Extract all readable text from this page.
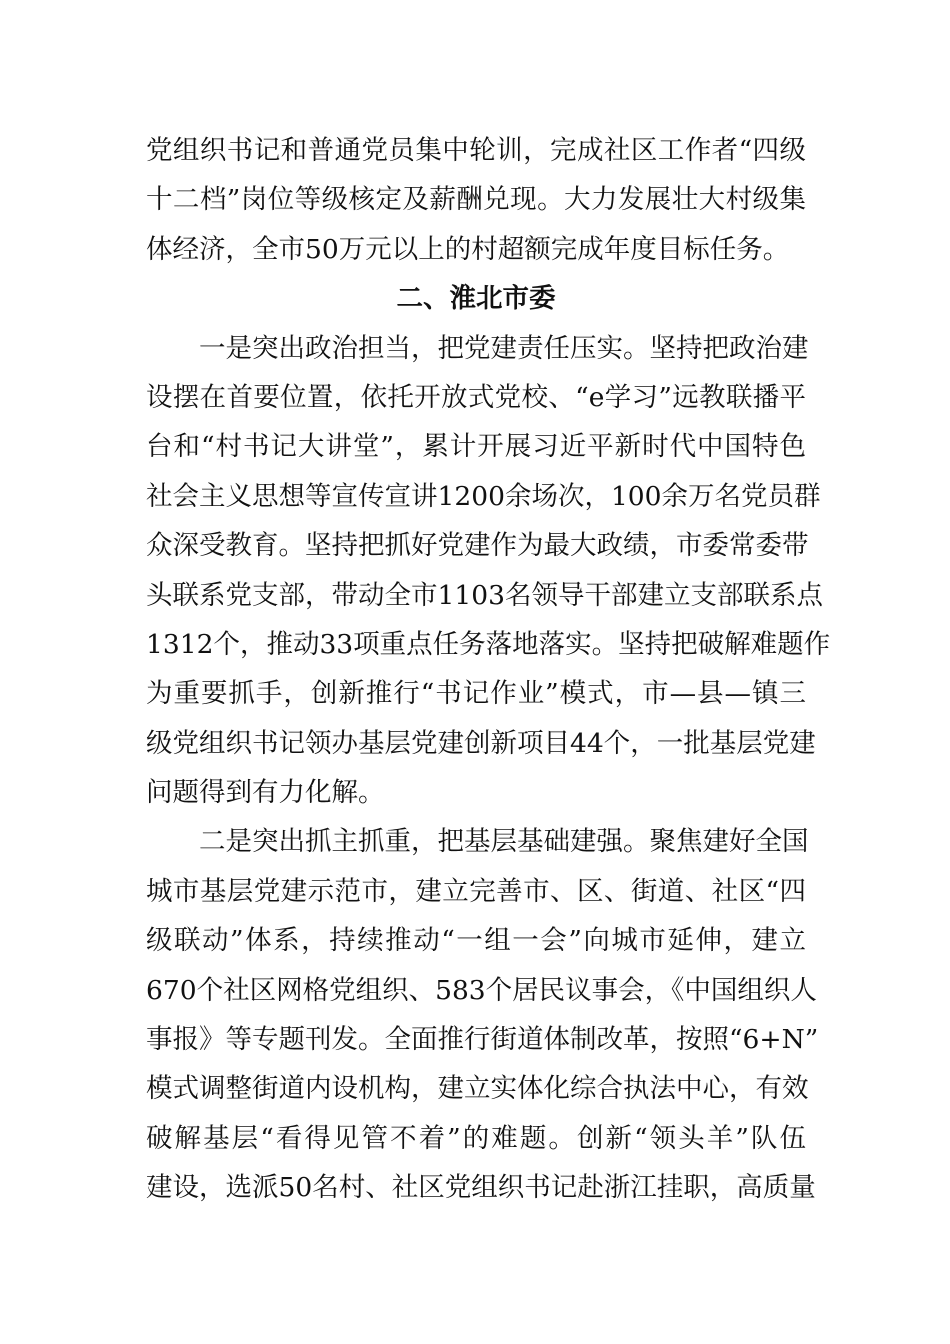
党组织书记和普通党员集中轮训，完成社区工作者“四级
十二档”岗位等级核定及薪酬兑现。大力发展壮大村级集
体经济，全市50万元以上的村超额完成年度目标任务。
二、淮北市委
　　一是突出政治担当，把党建责任压实。坚持把政治建
设摆在首要位置，依托开放式党校、“e学习”远教联播平
台和“村书记大讲堂”，累计开展习近平新时代中国特色
社会主义思想等宣传宣讲1200余场次，100余万名党员群
众深受教育。坚持把抓好党建作为最大政绩，市委常委带
头联系党支部，带动全市1103名领导干部建立支部联系点
1312个，推动33项重点任务落地落实。坚持把破解难题作
为重要抓手，创新推行“书记作业”模式，市—县—镇三
级党组织书记领办基层党建创新项目44个，一批基层党建
问题得到有力化解。
　　二是突出抓主抓重，把基层基础建强。聚焦建好全国
城市基层党建示范市，建立完善市、区、街道、社区“四
级联动”体系，持续推动“一组一会”向城市延伸，建立
670个社区网格党组织、583个居民议事会，《中国组织人
事报》等专题刊发。全面推行街道体制改革，按照“6+N”
模式调整街道内设机构，建立实体化综合执法中心，有效
破解基层“看得见管不着”的难题。创新“领头羊”队伍
建设，选派50名村、社区党组织书记赴浙江挂职，高质量
